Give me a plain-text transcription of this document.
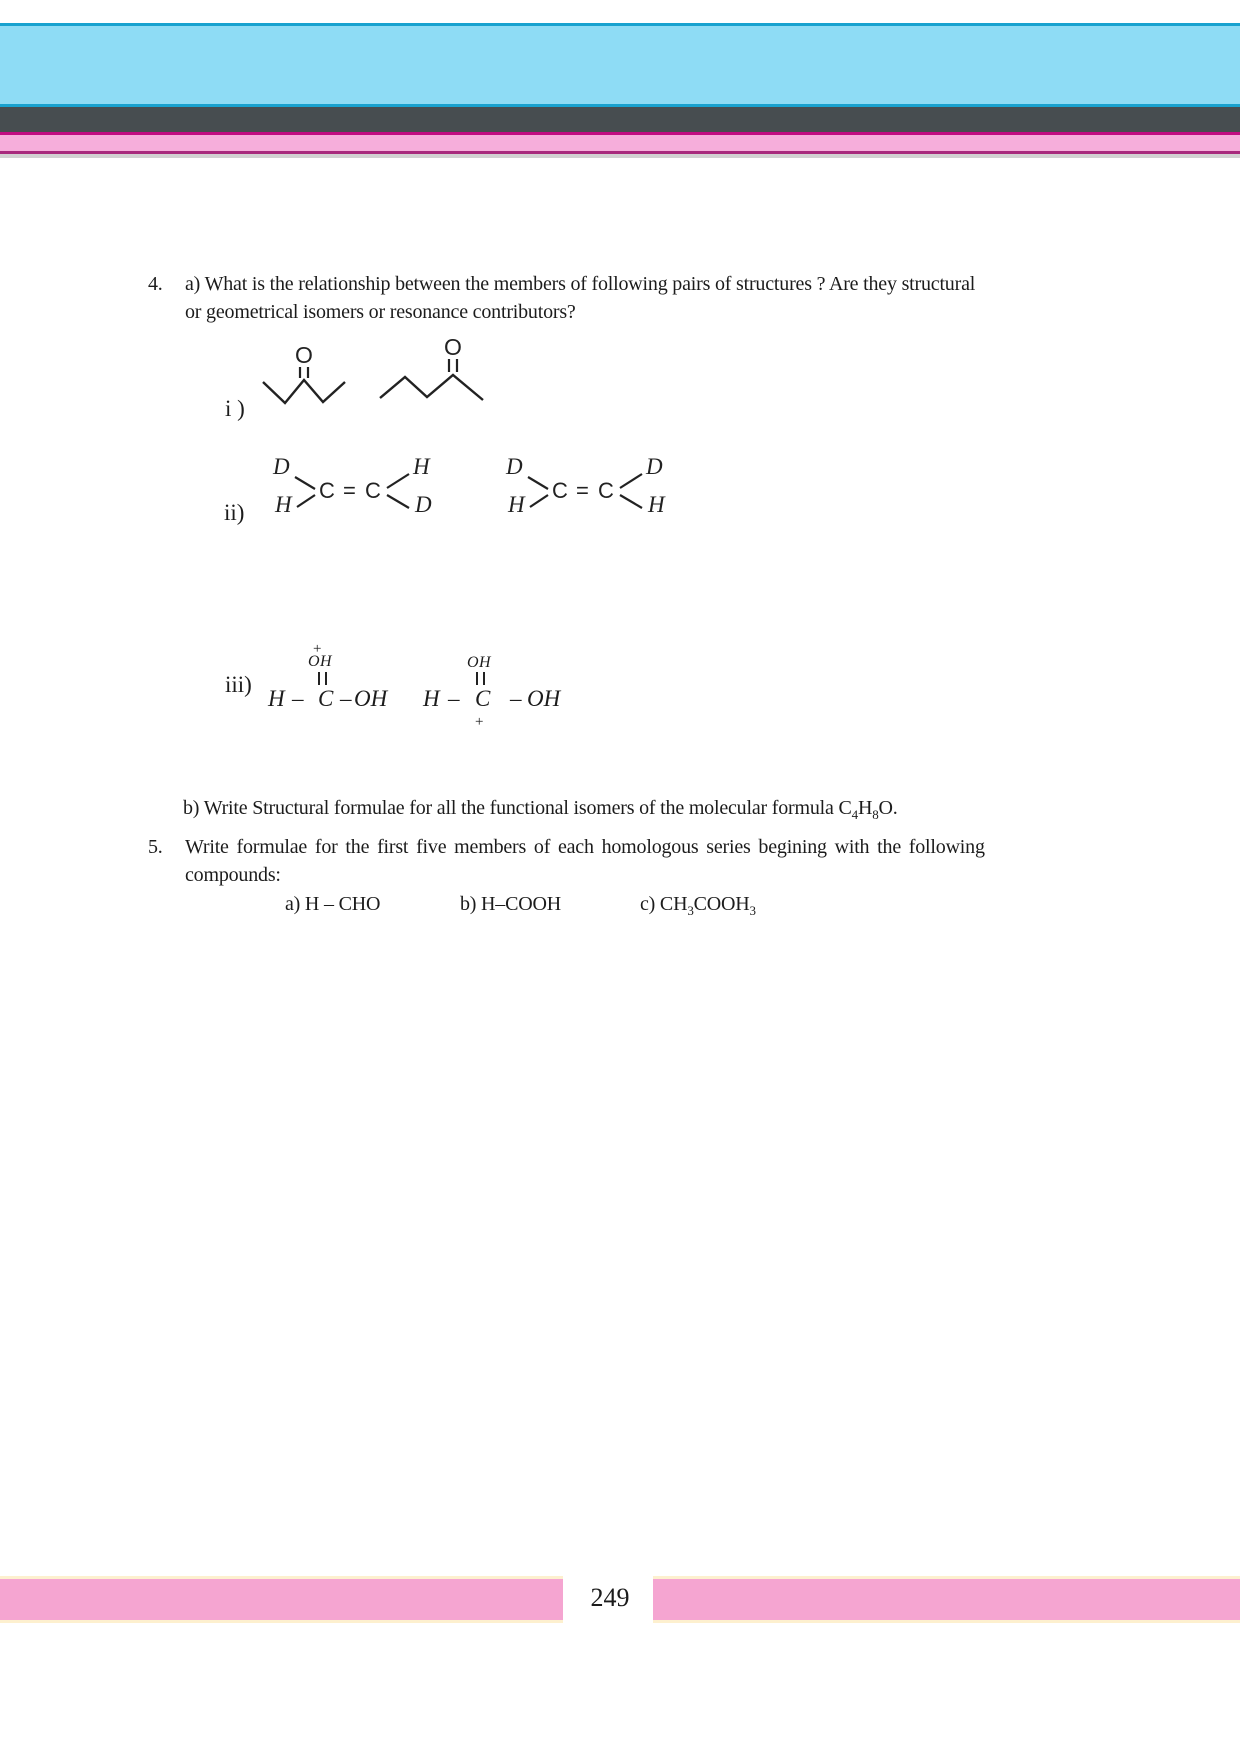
4. a) What is the relationship between the members of following pairs of structures ? Are they structural
or geometrical isomers or resonance contributors?
i )
O	O
ii)
D
H
C = C
H
D
D
H
C = C
D
H
iii)
+
OH
H – C – OH
OH
H – C – OH
+
b) Write Structural formulae for all the functional isomers of the molecular formula $C_4H_8O$.
5. Write formulae for the first five members of each homologous series begining with the following
compounds:
a) H – CHO	b) H–COOH	c) $CH_3COOH_3$
249
